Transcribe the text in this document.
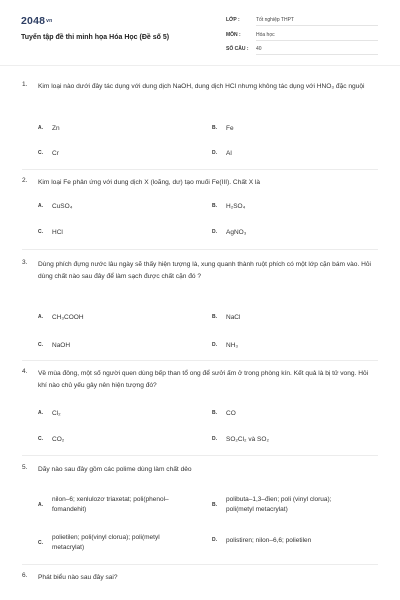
2048vn
Tuyển tập đề thi minh họa Hóa Học (Đề số 5)
LỚP :	Tốt nghiệp THPT
MÔN :	Hóa học
SỐ CÂU : 40
1. Kim loại nào dưới đây tác dụng với dung dịch NaOH, dung dịch HCl nhưng không tác dụng với HNO₃ đặc nguội
A. Zn	B. Fe
C. Cr	D. Al
2. Kim loại Fe phản ứng với dung dịch X (loãng, dư) tạo muối Fe(III). Chất X là
A. CuSO₄	B. H₂SO₄
C. HCl	D. AgNO₃
3. Dùng phích đựng nước lâu ngày sẽ thấy hiện tượng là, xung quanh thành ruột phích có một lớp cặn bám vào. Hỏi dùng chất nào sau đây để làm sạch được chất cặn đó ?
A. CH₃COOH	B. NaCl
C. NaOH	D. NH₃
4. Về mùa đông, một số người quen dùng bếp than tổ ong để sưởi ấm ở trong phòng kín. Kết quả là bị tử vong. Hỏi khí nào chủ yếu gây nên hiện tượng đó?
A. Cl₂	B. CO
C. CO₂	D. SO₂Cl₂ và SO₂
5. Dãy nào sau đây gồm các polime dùng làm chất dẻo
A.
nilon–6; xenlulozơ triaxetat; poli(phenol–fomandehit)
B.
polibuta–1,3–đien; poli (vinyl clorua); poli(metyl metacrylat)
C.
polietilen; poli(vinyl clorua); poli(metyl metacrylat)
D. polistiren; nilon–6,6; polietilen
6. Phát biểu nào sau đây sai?
